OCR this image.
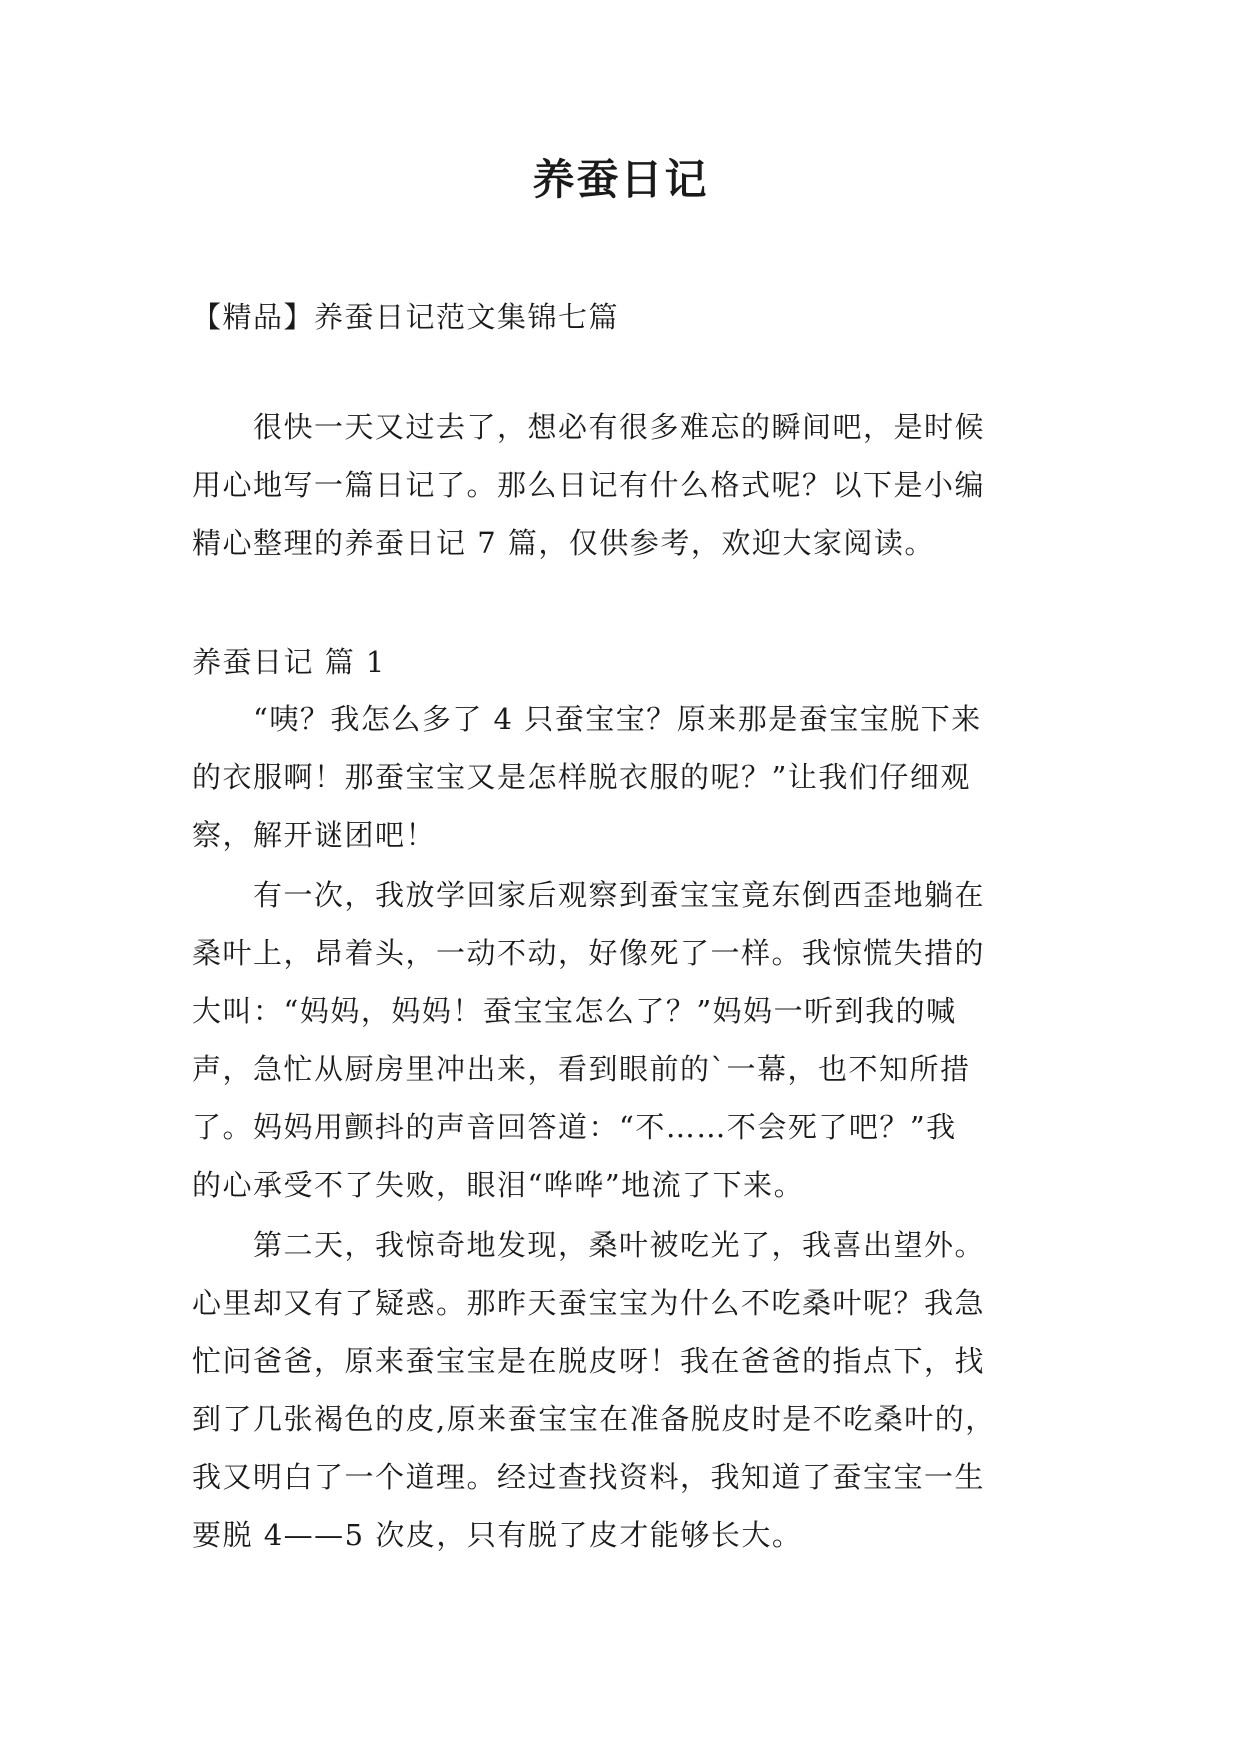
养蚕日记
【精品】养蚕日记范文集锦七篇
　　很快一天又过去了，想必有很多难忘的瞬间吧，是时候
用心地写一篇日记了。那么日记有什么格式呢？以下是小编
精心整理的养蚕日记 7 篇，仅供参考，欢迎大家阅读。
养蚕日记 篇 1
　　“咦？我怎么多了 4 只蚕宝宝？原来那是蚕宝宝脱下来
的衣服啊！那蚕宝宝又是怎样脱衣服的呢？”让我们仔细观
察，解开谜团吧！
　　有一次，我放学回家后观察到蚕宝宝竟东倒西歪地躺在
桑叶上，昂着头，一动不动，好像死了一样。我惊慌失措的
大叫：“妈妈，妈妈！蚕宝宝怎么了？”妈妈一听到我的喊
声，急忙从厨房里冲出来，看到眼前的`一幕，也不知所措
了。妈妈用颤抖的声音回答道：“不……不会死了吧？”我
的心承受不了失败，眼泪“哗哗”地流了下来。
　　第二天，我惊奇地发现，桑叶被吃光了，我喜出望外。
心里却又有了疑惑。那昨天蚕宝宝为什么不吃桑叶呢？我急
忙问爸爸，原来蚕宝宝是在脱皮呀！我在爸爸的指点下，找
到了几张褐色的皮,原来蚕宝宝在准备脱皮时是不吃桑叶的，
我又明白了一个道理。经过查找资料，我知道了蚕宝宝一生
要脱 4——5 次皮，只有脱了皮才能够长大。
